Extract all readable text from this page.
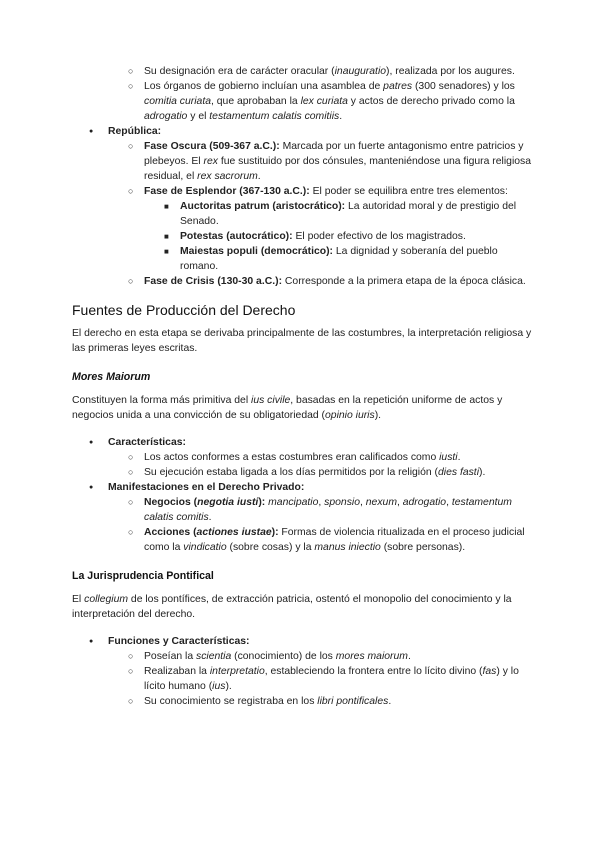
○ Su designación era de carácter oracular (inauguratio), realizada por los augures.
○ Los órganos de gobierno incluían una asamblea de patres (300 senadores) y los comitia curiata, que aprobaban la lex curiata y actos de derecho privado como la adrogatio y el testamentum calatis comitiis.
● República:
○ Fase Oscura (509-367 a.C.): Marcada por un fuerte antagonismo entre patricios y plebeyos. El rex fue sustituido por dos cónsules, manteniéndose una figura religiosa residual, el rex sacrorum.
○ Fase de Esplendor (367-130 a.C.): El poder se equilibra entre tres elementos:
■ Auctoritas patrum (aristocrático): La autoridad moral y de prestigio del Senado.
■ Potestas (autocrático): El poder efectivo de los magistrados.
■ Maiestas populi (democrático): La dignidad y soberanía del pueblo romano.
○ Fase de Crisis (130-30 a.C.): Corresponde a la primera etapa de la época clásica.
Fuentes de Producción del Derecho

El derecho en esta etapa se derivaba principalmente de las costumbres, la interpretación religiosa y las primeras leyes escritas.

Mores Maiorum

Constituyen la forma más primitiva del ius civile, basadas en la repetición uniforme de actos y negocios unida a una convicción de su obligatoriedad (opinio iuris).

● Características:
○ Los actos conformes a estas costumbres eran calificados como iusti.
○ Su ejecución estaba ligada a los días permitidos por la religión (dies fasti).
● Manifestaciones en el Derecho Privado:
○ Negocios (negotia iusti): mancipatio, sponsio, nexum, adrogatio, testamentum calatis comitis.
○ Acciones (actiones iustae): Formas de violencia ritualizada en el proceso judicial como la vindicatio (sobre cosas) y la manus iniectio (sobre personas).
La Jurisprudencia Pontifical

El collegium de los pontífices, de extracción patricia, ostentó el monopolio del conocimiento y la interpretación del derecho.

● Funciones y Características:
○ Poseían la scientia (conocimiento) de los mores maiorum.
○ Realizaban la interpretatio, estableciendo la frontera entre lo lícito divino (fas) y lo lícito humano (ius).
○ Su conocimiento se registraba en los libri pontificales.
